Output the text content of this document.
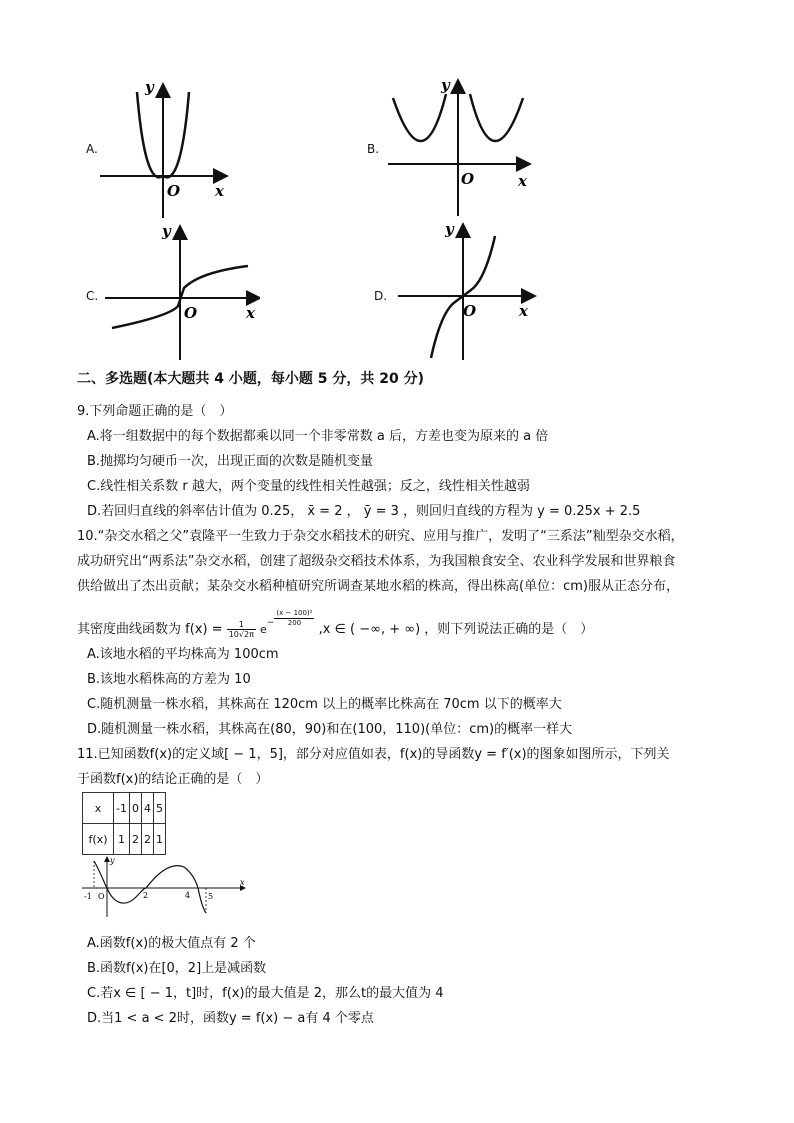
A.
y
O x
B.
y
O	x
C.
y
O	x
D.
y
O	x
二、多选题(本大题共 4 小题，每小题 5 分，共 20 分)
9.下列命题正确的是（　）
A.将一组数据中的每个数据都乘以同一个非零常数 a 后，方差也变为原来的 a 倍
B.抛掷均匀硬币一次，出现正面的次数是随机变量
C.线性相关系数 r 越大，两个变量的线性相关性越强；反之，线性相关性越弱
D.若回归直线的斜率估计值为 0.25， x̄ = 2 ， ȳ = 3 ，则回归直线的方程为 y = 0.25x + 2.5
10.“杂交水稻之父”袁隆平一生致力于杂交水稻技术的研究、应用与推广，发明了“三系法”籼型杂交水稻，
成功研究出“两系法”杂交水稻，创建了超级杂交稻技术体系，为我国粮食安全、农业科学发展和世界粮食
供给做出了杰出贡献；某杂交水稻种植研究所调查某地水稻的株高，得出株高(单位：cm)服从正态分布，
其密度曲线函数为 $f(x) = \frac{1}{10√2\pi} e^- \frac{\text{(x − 100)²}}{200}$
,x ∈ ( −∞, + ∞) ，则下列说法正确的是（　）
A.该地水稻的平均株高为 100cm
B.该地水稻株高的方差为 10
C.随机测量一株水稻，其株高在 120cm 以上的概率比株高在 70cm 以下的概率大
D.随机测量一株水稻，其株高在(80，90)和在(100，110)(单位：cm)的概率一样大
11.已知函数f(x)的定义域[ − 1，5]，部分对应值如表，f(x)的导函数y = f′(x)的图象如图所示，下列关
于函数f(x)的结论正确的是（　）
x	-1	0	4	5
f(x)	1	2	2	1
-1 O	2	4 5
x
y
A.函数f(x)的极大值点有 2 个
B.函数f(x)在[0，2]上是减函数
C.若x ∈ [ − 1，t]时，f(x)的最大值是 2，那么t的最大值为 4
D.当1 < a < 2时，函数y = f(x) − a有 4 个零点
